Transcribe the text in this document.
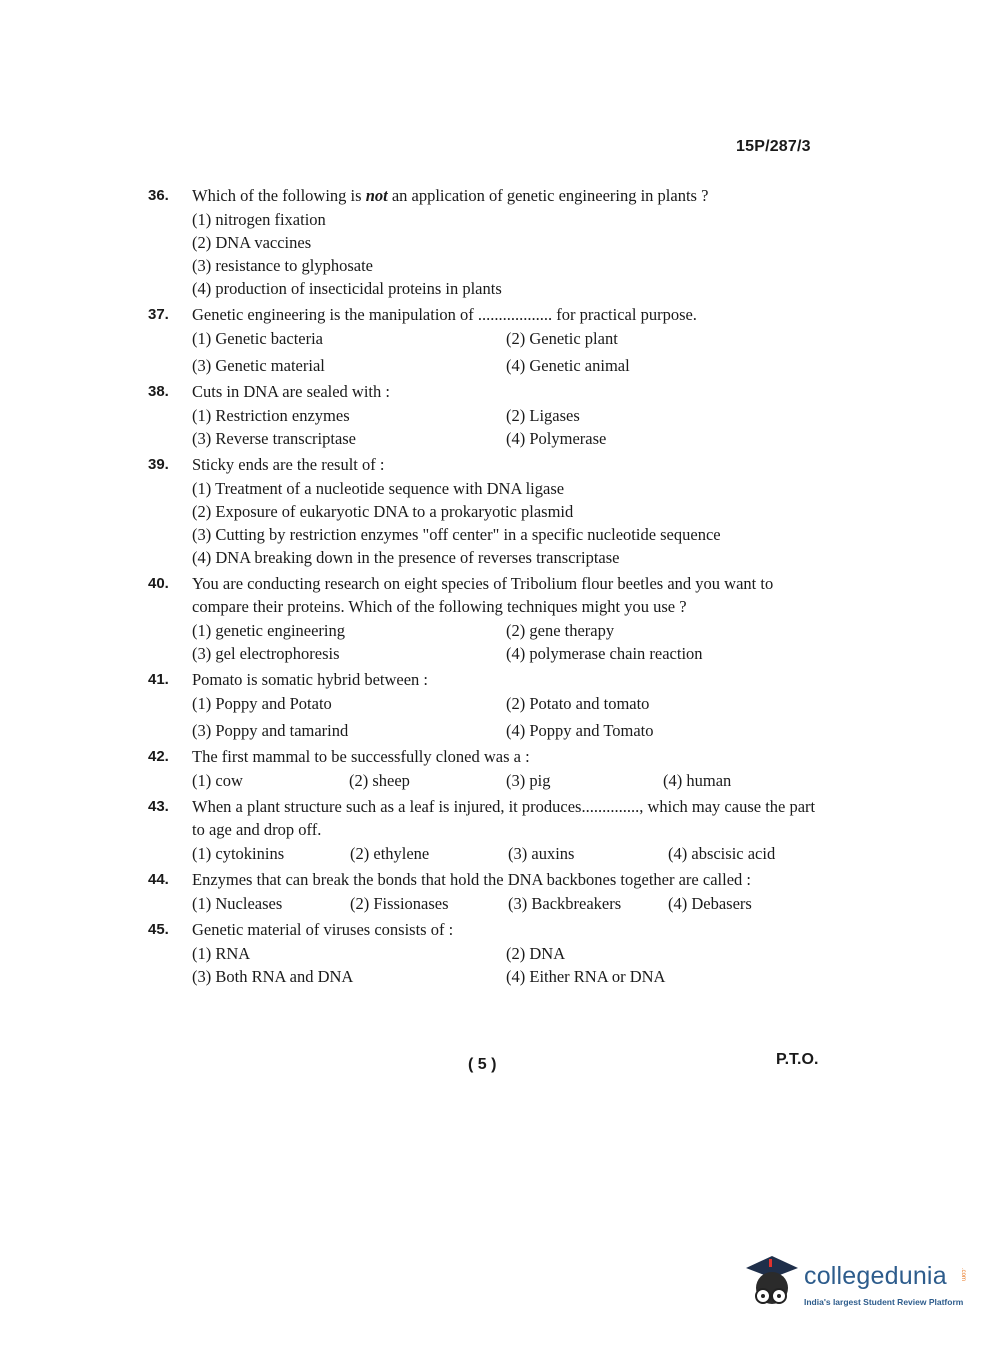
15P/287/3
36. Which of the following is not an application of genetic engineering in plants ?
(1) nitrogen fixation
(2) DNA vaccines
(3) resistance to glyphosate
(4) production of insecticidal proteins in plants
37. Genetic engineering is the manipulation of .................. for practical purpose.
(1) Genetic bacteria	(2) Genetic plant
(3) Genetic material	(4) Genetic animal
38. Cuts in DNA are sealed with :
(1) Restriction enzymes	(2) Ligases
(3) Reverse transcriptase	(4) Polymerase
39. Sticky ends are the result of :
(1) Treatment of a nucleotide sequence with DNA ligase
(2) Exposure of eukaryotic DNA to a prokaryotic plasmid
(3) Cutting by restriction enzymes "off center" in a specific nucleotide sequence
(4) DNA breaking down in the presence of reverses transcriptase
40. You are conducting research on eight species of Tribolium flour beetles and you want to compare their proteins. Which of the following techniques might you use ?
(1) genetic engineering	(2) gene therapy
(3) gel electrophoresis	(4) polymerase chain reaction
41. Pomato is somatic hybrid between :
(1) Poppy and Potato	(2) Potato and tomato
(3) Poppy and tamarind	(4) Poppy and Tomato
42. The first mammal to be successfully cloned was a :
(1) cow	(2) sheep	(3) pig	(4) human
43. When a plant structure such as a leaf is injured, it produces.............., which may cause the part to age and drop off.
(1) cytokinins	(2) ethylene	(3) auxins	(4) abscisic acid
44. Enzymes that can break the bonds that hold the DNA backbones together are called :
(1) Nucleases	(2) Fissionases	(3) Backbreakers	(4) Debasers
45. Genetic material of viruses consists of :
(1) RNA	(2) DNA
(3) Both RNA and DNA	(4) Either RNA or DNA
( 5 )	P.T.O.
collegedunia .com
India's largest Student Review Platform
